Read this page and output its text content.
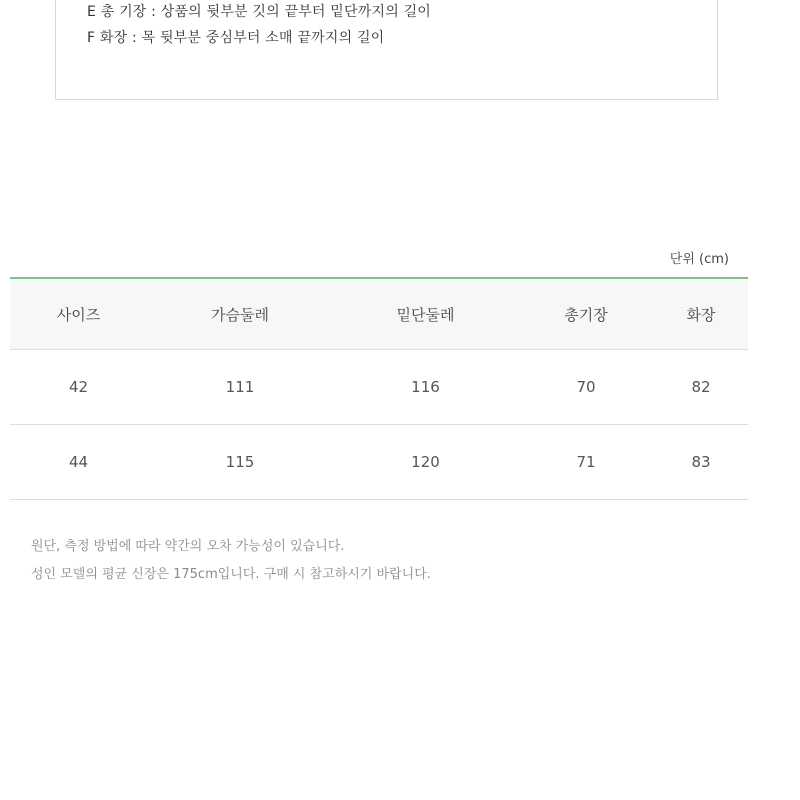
E 총 기장 : 상품의 뒷부분 깃의 끝부터 밑단까지의 길이
F 화장 : 목 뒷부분 중심부터 소매 끝까지의 길이
단위 (cm)
사이즈	가슴둘레	밑단둘레	총기장	화장
42	111	116	70	82
44	115	120	71	83
원단, 측정 방법에 따라 약간의 오차 가능성이 있습니다.
성인 모델의 평균 신장은 175cm입니다. 구매 시 참고하시기 바랍니다.
